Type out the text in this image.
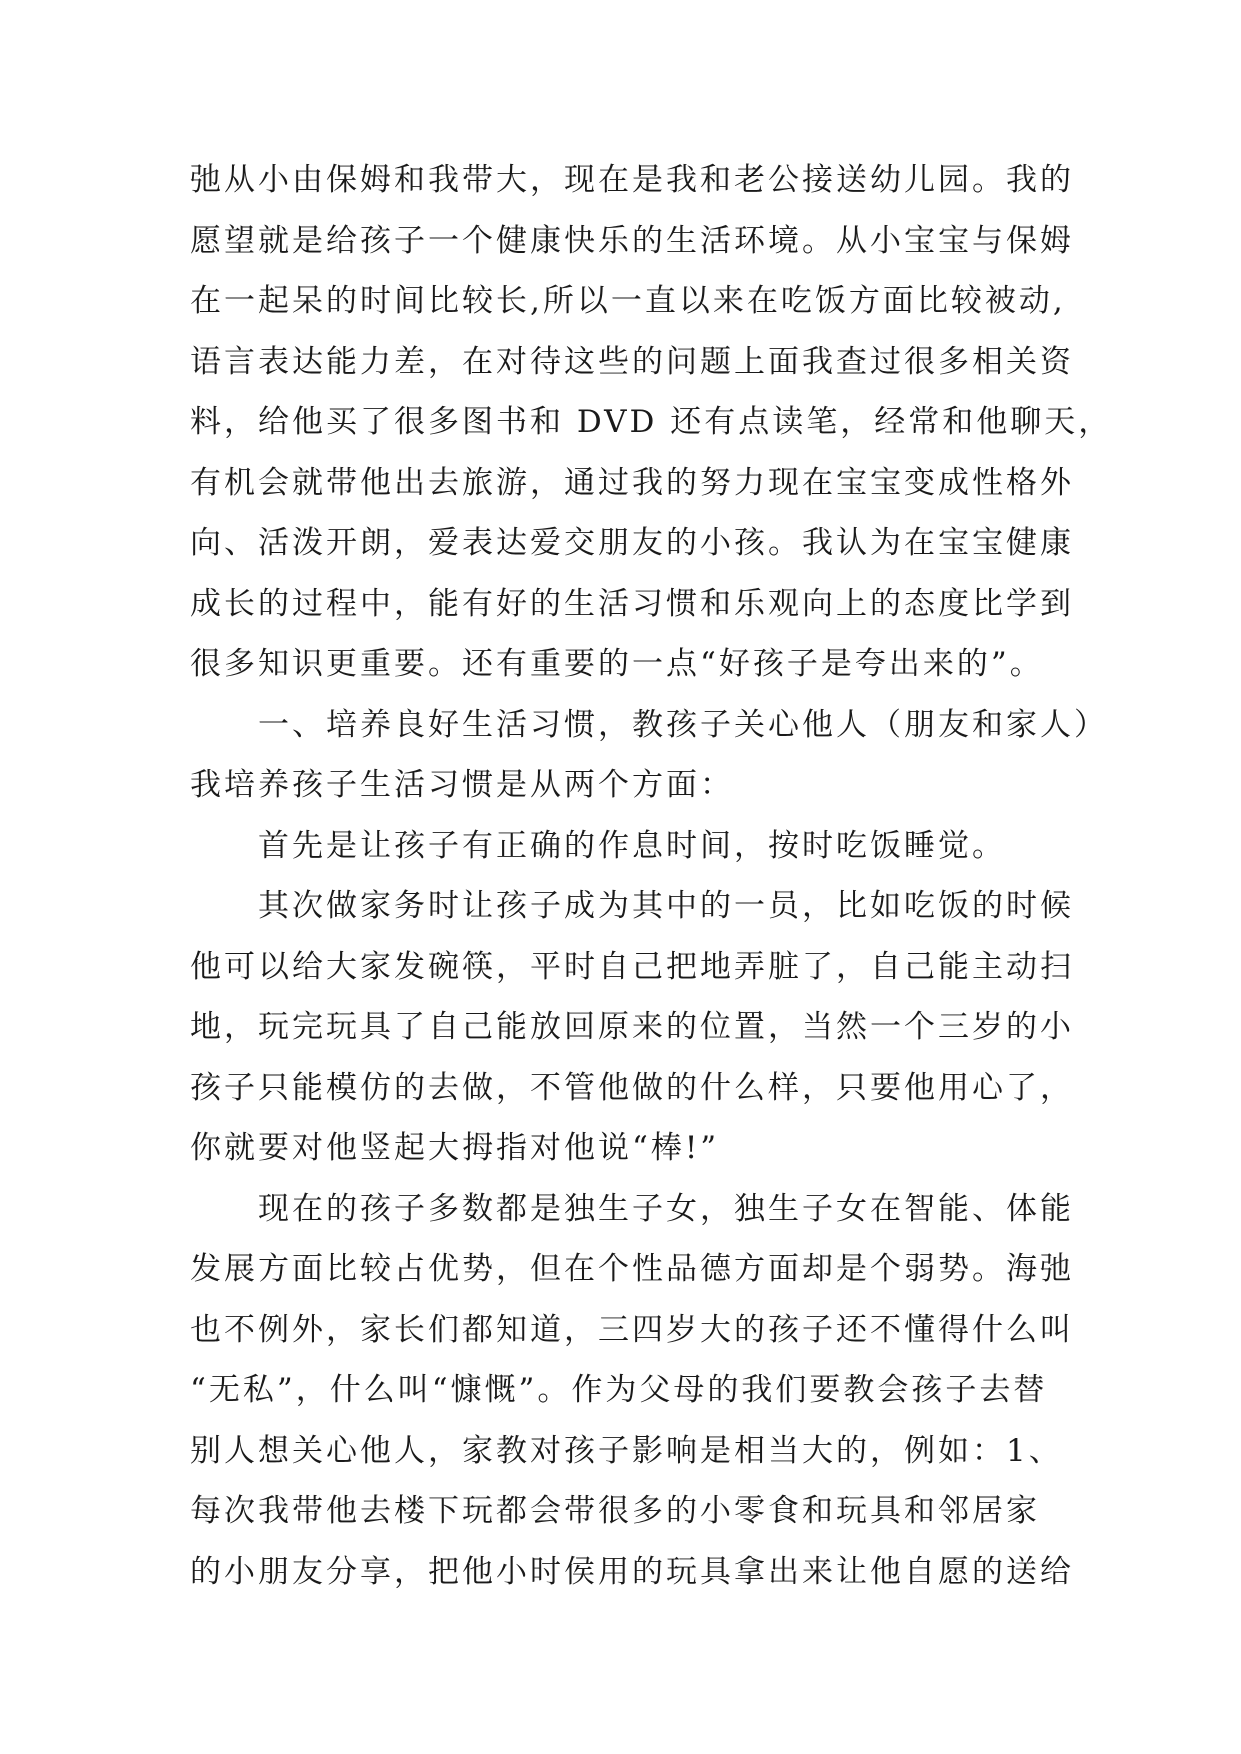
弛从小由保姆和我带大，现在是我和老公接送幼儿园。我的
愿望就是给孩子一个健康快乐的生活环境。从小宝宝与保姆
在一起呆的时间比较长,所以一直以来在吃饭方面比较被动,
语言表达能力差，在对待这些的问题上面我查过很多相关资
料，给他买了很多图书和 DVD 还有点读笔，经常和他聊天，
有机会就带他出去旅游，通过我的努力现在宝宝变成性格外
向、活泼开朗，爱表达爱交朋友的小孩。我认为在宝宝健康
成长的过程中，能有好的生活习惯和乐观向上的态度比学到
很多知识更重要。还有重要的一点“好孩子是夸出来的”。
一、培养良好生活习惯，教孩子关心他人（朋友和家人）
我培养孩子生活习惯是从两个方面：
首先是让孩子有正确的作息时间，按时吃饭睡觉。
其次做家务时让孩子成为其中的一员，比如吃饭的时候
他可以给大家发碗筷，平时自己把地弄脏了，自己能主动扫
地，玩完玩具了自己能放回原来的位置，当然一个三岁的小
孩子只能模仿的去做，不管他做的什么样，只要他用心了，
你就要对他竖起大拇指对他说“棒!”
现在的孩子多数都是独生子女，独生子女在智能、体能
发展方面比较占优势，但在个性品德方面却是个弱势。海弛
也不例外，家长们都知道，三四岁大的孩子还不懂得什么叫
“无私”，什么叫“慷慨”。作为父母的我们要教会孩子去替
别人想关心他人，家教对孩子影响是相当大的，例如：1、
每次我带他去楼下玩都会带很多的小零食和玩具和邻居家
的小朋友分享，把他小时侯用的玩具拿出来让他自愿的送给
